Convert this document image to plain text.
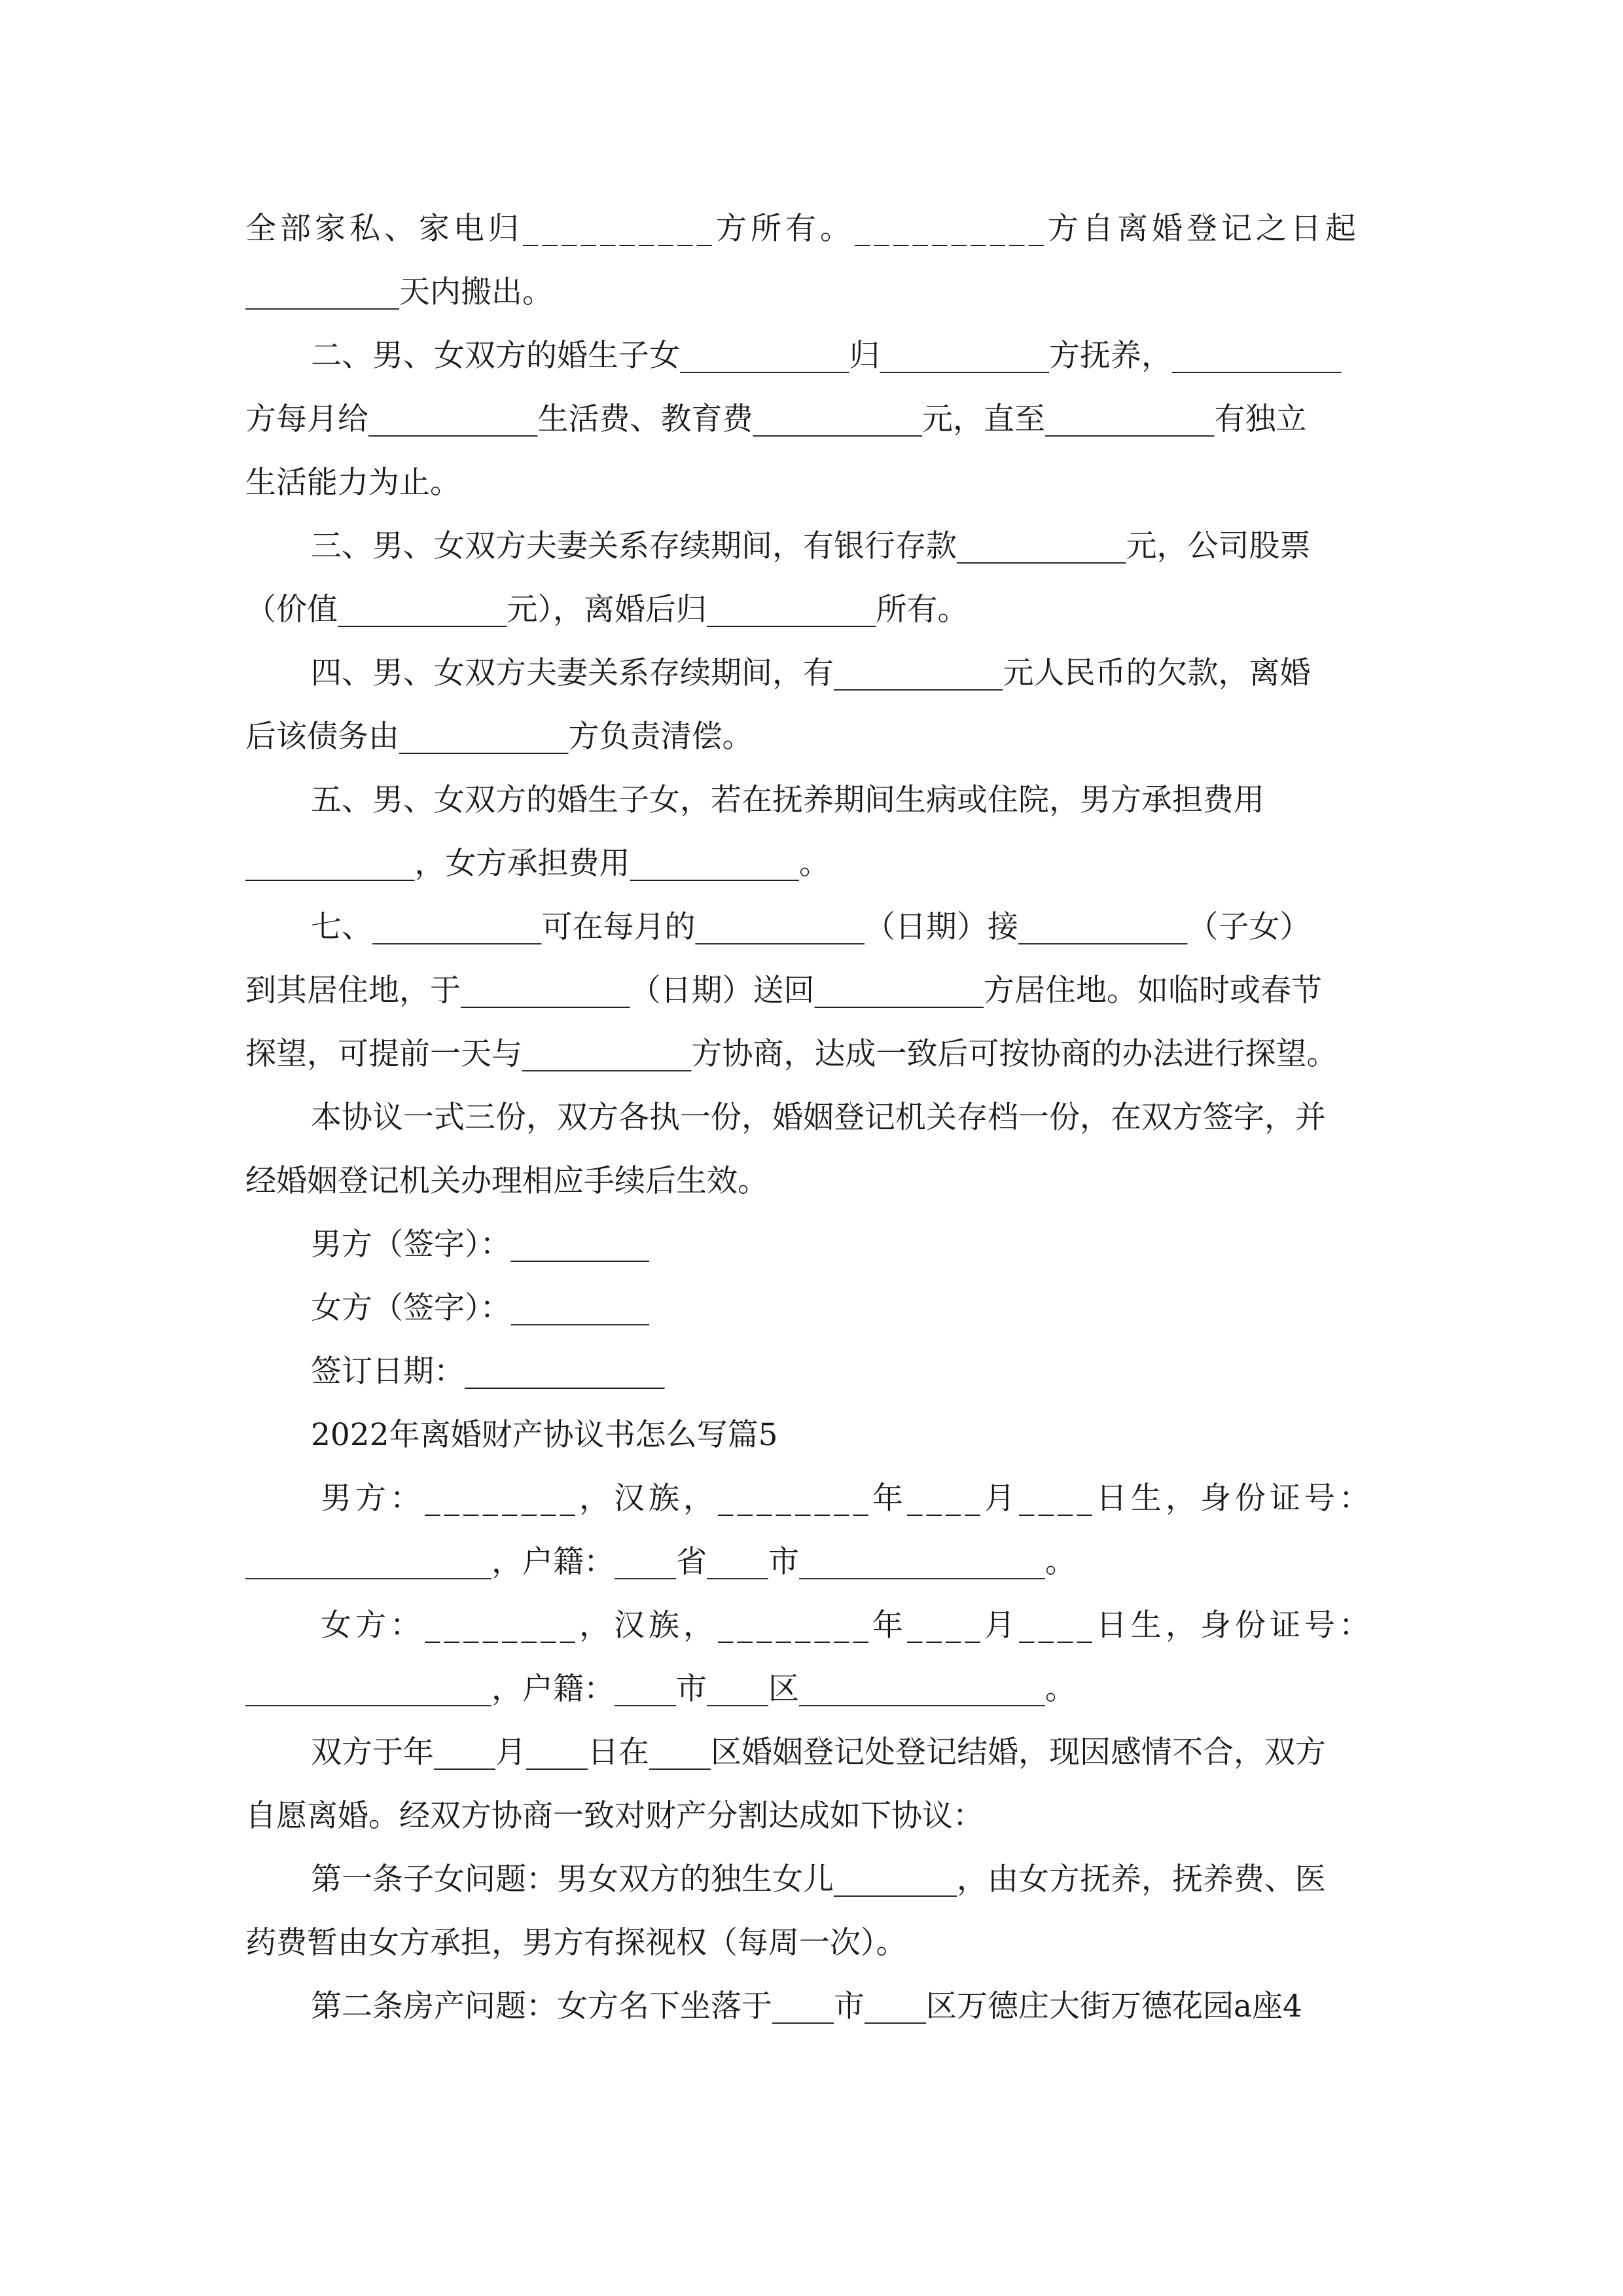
全部家私、家电归__________方所有。__________方自离婚登记之日起
__________天内搬出。
二、男、女双方的婚生子女___________归___________方抚养，___________
方每月给___________生活费、教育费___________元，直至___________有独立
生活能力为止。
三、男、女双方夫妻关系存续期间，有银行存款___________元，公司股票
（价值___________元），离婚后归___________所有。
四、男、女双方夫妻关系存续期间，有___________元人民币的欠款，离婚
后该债务由___________方负责清偿。
五、男、女双方的婚生子女，若在抚养期间生病或住院，男方承担费用
___________，女方承担费用___________。
七、___________可在每月的___________（日期）接___________（子女）
到其居住地，于___________（日期）送回___________方居住地。如临时或春节
探望，可提前一天与___________方协商，达成一致后可按协商的办法进行探望。
本协议一式三份，双方各执一份，婚姻登记机关存档一份，在双方签字，并
经婚姻登记机关办理相应手续后生效。
男方（签字）：_________
女方（签字）：_________
签订日期：_____________
2022年离婚财产协议书怎么写篇5
男方：________，汉族，________年____月____日生，身份证号：
________________，户籍：____省____市________________。
女方：________，汉族，________年____月____日生，身份证号：
________________，户籍：____市____区________________。
双方于年____月____日在____区婚姻登记处登记结婚，现因感情不合，双方
自愿离婚。经双方协商一致对财产分割达成如下协议：
第一条子女问题：男女双方的独生女儿________，由女方抚养，抚养费、医
药费暂由女方承担，男方有探视权（每周一次）。
第二条房产问题：女方名下坐落于____市____区万德庄大街万德花园a座4
